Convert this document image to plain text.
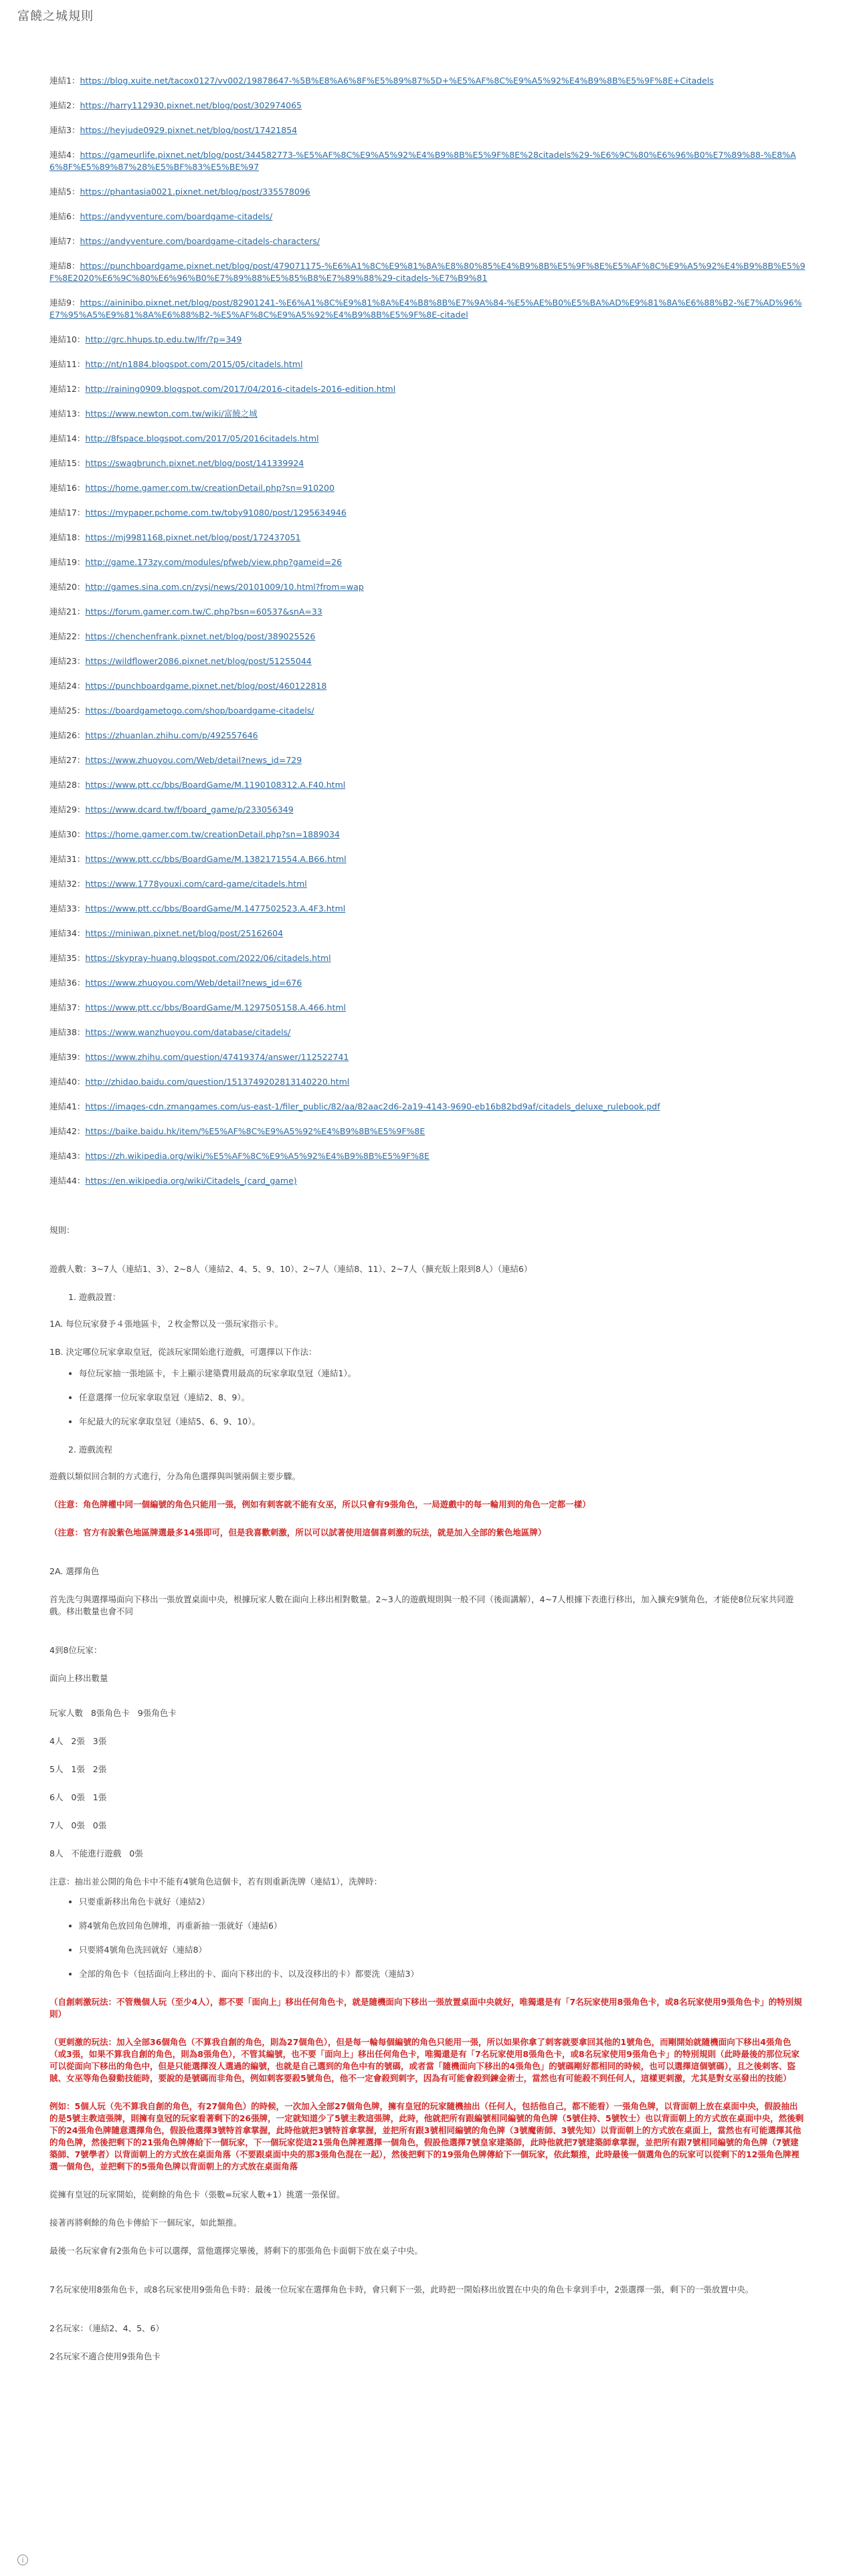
富饒之城規則
連結1：https://blog.xuite.net/tacox0127/vv002/19878647-%5B%E8%A6%8F%E5%89%87%5D+%E5%AF%8C%E9%A5%92%E4%B9%8B%E5%9F%8E+Citadels
連結2：https://harry112930.pixnet.net/blog/post/302974065
連結3：https://heyjude0929.pixnet.net/blog/post/17421854
連結4：https://gameurlife.pixnet.net/blog/post/344582773-%E5%AF%8C%E9%A5%92%E4%B9%8B%E5%9F%8E%28citadels%29-%E6%9C%80%E6%96%B0%E7%89%88-%E8%A6%8F%E5%89%87%28%E5%BF%83%E5%BE%97
連結5：https://phantasia0021.pixnet.net/blog/post/335578096
連結6：https://andyventure.com/boardgame-citadels/
連結7：https://andyventure.com/boardgame-citadels-characters/
連結8：https://punchboardgame.pixnet.net/blog/post/479071175-%E6%A1%8C%E9%81%8A%E8%80%85%E4%B9%8B%E5%9F%8E%E5%AF%8C%E9%A5%92%E4%B9%8B%E5%9F%8E2020%E6%9C%80%E6%96%B0%E7%89%88%E5%85%B8%E7%89%88%29-citadels-%E7%B9%81
連結9：https://aininibo.pixnet.net/blog/post/82901241-%E6%A1%8C%E9%81%8A%E4%B8%8B%E7%9A%84-%E5%AE%B0%E5%BA%AD%E9%81%8A%E6%88%B2-%E7%AD%96%E7%95%A5%E9%81%8A%E6%88%B2-%E5%AF%8C%E9%A5%92%E4%B9%8B%E5%9F%8E-citadel
連結10：http://grc.hhups.tp.edu.tw/lfr/?p=349
連結11：http://nt/n1884.blogspot.com/2015/05/citadels.html
連結12：http://raining0909.blogspot.com/2017/04/2016-citadels-2016-edition.html
連結13：https://www.newton.com.tw/wiki/富饒之城
連結14：http://8fspace.blogspot.com/2017/05/2016citadels.html
連結15：https://swagbrunch.pixnet.net/blog/post/141339924
連結16：https://home.gamer.com.tw/creationDetail.php?sn=910200
連結17：https://mypaper.pchome.com.tw/toby91080/post/1295634946
連結18：https://mj9981168.pixnet.net/blog/post/172437051
連結19：http://game.173zy.com/modules/pfweb/view.php?gameid=26
連結20：http://games.sina.com.cn/zysj/news/20101009/10.html?from=wap
連結21：https://forum.gamer.com.tw/C.php?bsn=60537&snA=33
連結22：https://chenchenfrank.pixnet.net/blog/post/389025526
連結23：https://wildflower2086.pixnet.net/blog/post/51255044
連結24：https://punchboardgame.pixnet.net/blog/post/460122818
連結25：https://boardgametogo.com/shop/boardgame-citadels/
連結26：https://zhuanlan.zhihu.com/p/492557646
連結27：https://www.zhuoyou.com/Web/detail?news_id=729
連結28：https://www.ptt.cc/bbs/BoardGame/M.1190108312.A.F40.html
連結29：https://www.dcard.tw/f/board_game/p/233056349
連結30：https://home.gamer.com.tw/creationDetail.php?sn=1889034
連結31：https://www.ptt.cc/bbs/BoardGame/M.1382171554.A.B66.html
連結32：https://www.1778youxi.com/card-game/citadels.html
連結33：https://www.ptt.cc/bbs/BoardGame/M.1477502523.A.4F3.html
連結34：https://miniwan.pixnet.net/blog/post/25162604
連結35：https://skypray-huang.blogspot.com/2022/06/citadels.html
連結36：https://www.zhuoyou.com/Web/detail?news_id=676
連結37：https://www.ptt.cc/bbs/BoardGame/M.1297505158.A.466.html
連結38：https://www.wanzhuoyou.com/database/citadels/
連結39：https://www.zhihu.com/question/47419374/answer/112522741
連結40：http://zhidao.baidu.com/question/1513749202813140220.html
連結41：https://images-cdn.zmangames.com/us-east-1/filer_public/82/aa/82aac2d6-2a19-4143-9690-eb16b82bd9af/citadels_deluxe_rulebook.pdf
連結42：https://baike.baidu.hk/item/%E5%AF%8C%E9%A5%92%E4%B9%8B%E5%9F%8E
連結43：https://zh.wikipedia.org/wiki/%E5%AF%8C%E9%A5%92%E4%B9%8B%E5%9F%8E
連結44：https://en.wikipedia.org/wiki/Citadels_(card_game)

規則：

遊戲人數：3~7人（連結1、3）、2~8人（連結2、4、5、9、10）、2~7人（連結8、11）、2~7人（擴充版上限到8人）（連結6）

1. 遊戲設置：

1A. 每位玩家發予４張地區卡，２枚金幣以及一張玩家指示卡。

1B. 決定哪位玩家拿取皇冠，從該玩家開始進行遊戲，可選擇以下作法：

• 每位玩家抽一張地區卡，卡上顯示建築費用最高的玩家拿取皇冠（連結1）。
• 任意選擇一位玩家拿取皇冠（連結2、8、9）。
• 年紀最大的玩家拿取皇冠（連結5、6、9、10）。

2. 遊戲流程

遊戲以類似回合制的方式進行，分為角色選擇與叫號兩個主要步驟。

（注意：角色牌權中同一個編號的角色只能用一張，例如有刺客就不能有女巫，所以只會有9張角色，一局遊戲中的每一輪用到的角色一定都一樣）

（注意：官方有說紫色地區牌選最多14張即可，但是我喜歡刺激，所以可以試著使用這個喜刺激的玩法，就是加入全部的紫色地區牌）

2A. 選擇角色

首先洗勻與選擇場面向下移出一張放置桌面中央，根據玩家人數在面向上移出相對數量。2~3人的遊戲規則與一般不同（後面講解），4~7人根據下表進行移出，加入擴充9號角色，才能使8位玩家共同遊戲。移出數量也會不同

4到8位玩家：

面向上移出數量

玩家人數   8張角色卡   9張角色卡

4人   2張   3張

5人   1張   2張

6人   0張   1張

7人   0張   0張

8人   不能進行遊戲   0張

注意：抽出並公開的角色卡中不能有4號角色這個卡，若有則重新洗牌（連結1），洗牌時：

• 只要重新移出角色卡就好（連結2）
• 將4號角色放回角色牌堆，再重新抽一張就好（連結6）
• 只要將4號角色洗回就好（連結8）
• 全部的角色卡（包括面向上移出的卡、面向下移出的卡、以及沒移出的卡）都要洗（連結3）

（自創刺激玩法：不管幾個人玩（至少4人），都不要「面向上」移出任何角色卡，就是隨機面向下移出一張放置桌面中央就好，唯獨還是有「7名玩家使用8張角色卡，或8名玩家使用9張角色卡」的特別規則）

（更刺激的玩法：加入全部36個角色（不算我自創的角色，則為27個角色），但是每一輪每個編號的角色只能用一張，所以如果你拿了刺客就要拿回其他的1號角色，而剛開始就隨機面向下移出4張角色（或3張，如果不算我自創的角色，則為8張角色），不管其編號，也不要「面向上」移出任何角色卡，唯獨還是有「7名玩家使用8張角色卡，或8名玩家使用9張角色卡」的特別規則（此時最後的那位玩家可以從面向下移出的角色中，但是只能選擇沒人選過的編號，也就是自己選到的角色中有的號碼，或者當「隨機面向下移出的4張角色」的號碼剛好都相同的時候，也可以選擇這個號碼），且之後刺客、盜賊、女巫等角色發動技能時，要說的是號碼而非角色，例如刺客要殺5號角色，他不一定會殺到刺字，因為有可能會殺到鍊金術士，當然也有可能殺不到任何人，這樣更刺激，尤其是對女巫發出的技能）

例如：5個人玩（先不算我自創的角色，有27個角色）的時候，一次加入全部27個角色牌，擁有皇冠的玩家隨機抽出（任何人，包括他自己，都不能看）一張角色牌，以背面朝上放在桌面中央，假設抽出的是5號主教這張牌，則擁有皇冠的玩家看著剩下的26張牌，一定就知道少了5號主教這張牌，此時，他就把所有跟編號相同編號的角色牌（5號住持、5號牧士）也以背面朝上的方式放在桌面中央，然後剩下的24張角色牌隨意選擇角色，假設他選擇3號特首拿掌握，此時他就把3號特首拿掌握，並把所有跟3號相同編號的角色牌（3號魔術師、3號先知）以背面朝上的方式放在桌面上，當然也有可能選擇其他的角色牌，然後把剩下的21張角色牌傳給下一個玩家，下一個玩家從這21張角色牌裡選擇一個角色，假設他選擇7號皇家建築師，此時他就把7號建築師拿掌握，並把所有跟7號相同編號的角色牌（7號建築師、7號學者）以背面朝上的方式放在桌面角落（不要跟桌面中央的那3張角色混在一起），然後把剩下的19張角色牌傳給下一個玩家，依此類推，此時最後一個選角色的玩家可以從剩下的12張角色牌裡選一個角色，並把剩下的5張角色牌以背面朝上的方式放在桌面角落

從擁有皇冠的玩家開始，從剩餘的角色卡（張數=玩家人數+1）挑選一張保留。

接著再將剩餘的角色卡傳給下一個玩家，如此類推。

最後一名玩家會有2張角色卡可以選擇，當他選擇完畢後，將剩下的那張角色卡面朝下放在桌子中央。

7名玩家使用8張角色卡，或8名玩家使用9張角色卡時：最後一位玩家在選擇角色卡時，會只剩下一張，此時把一開始移出放置在中央的角色卡拿到手中，2張選擇一張，剩下的一張放置中央。

2名玩家：（連結2、4、5、6）

2名玩家不適合使用9張角色卡

i
